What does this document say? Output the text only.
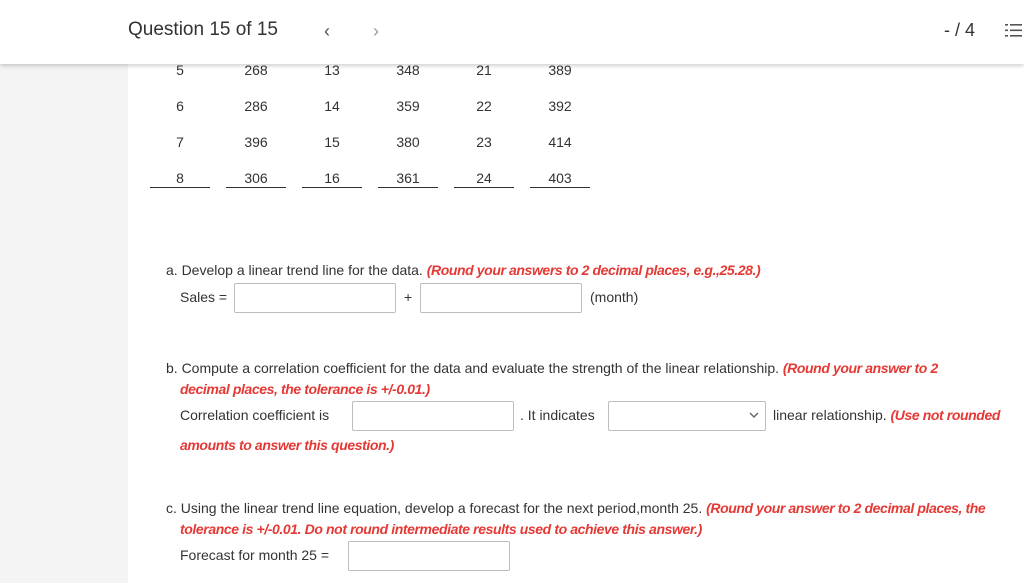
Question 15 of 15	‹	›	- / 4
5	268	13	348	21	389
6	286	14	359	22	392
7	396	15	380	23	414
8	306	16	361	24	403
a. Develop a linear trend line for the data. (Round your answers to 2 decimal places, e.g.,25.28.)
Sales =	+	(month)
b. Compute a correlation coefficient for the data and evaluate the strength of the linear relationship. (Round your answer to 2
decimal places, the tolerance is +/-0.01.)
Correlation coefficient is	. It indicates	linear relationship. (Use not rounded
amounts to answer this question.)
c. Using the linear trend line equation, develop a forecast for the next period,month 25. (Round your answer to 2 decimal places, the
tolerance is +/-0.01. Do not round intermediate results used to achieve this answer.)
Forecast for month 25 =
